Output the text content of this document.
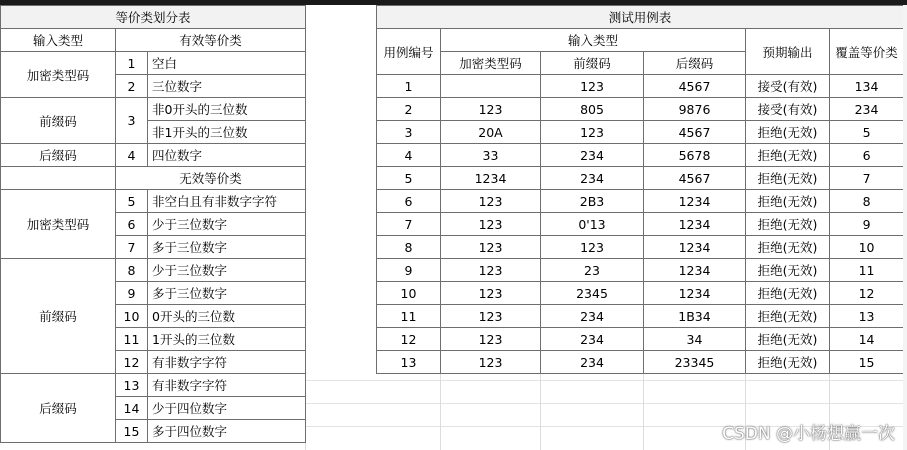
等价类划分表		
输入类型	有效等价类	
加密类型码	1	空白
	2	三位数字
前缀码	3	非0开头的三位数
		非1开头的三位数
后缀码	4	四位数字
	无效等价类	
加密类型码	5	非空白且有非数字字符
	6	少于三位数字
	7	多于三位数字
前缀码	8	少于三位数字
	9	多于三位数字
	10	0开头的三位数
	11	1开头的三位数
	12	有非数字字符
后缀码	13	有非数字字符
	14	少于四位数字
	15	多于四位数字
测试用例表					
用例编号	输入类型			预期输出	覆盖等价类
	加密类型码	前缀码	后缀码		
1		123	4567	接受(有效)	134
2	123	805	9876	接受(有效)	234
3	20A	123	4567	拒绝(无效)	5
4	33	234	5678	拒绝(无效)	6
5	1234	234	4567	拒绝(无效)	7
6	123	2B3	1234	拒绝(无效)	8
7	123	0'13	1234	拒绝(无效)	9
8	123	123	1234	拒绝(无效)	10
9	123	23	1234	拒绝(无效)	11
10	123	2345	1234	拒绝(无效)	12
11	123	234	1B34	拒绝(无效)	13
12	123	234	34	拒绝(无效)	14
13	123	234	23345	拒绝(无效)	15
CSDN @小杨想赢一次
